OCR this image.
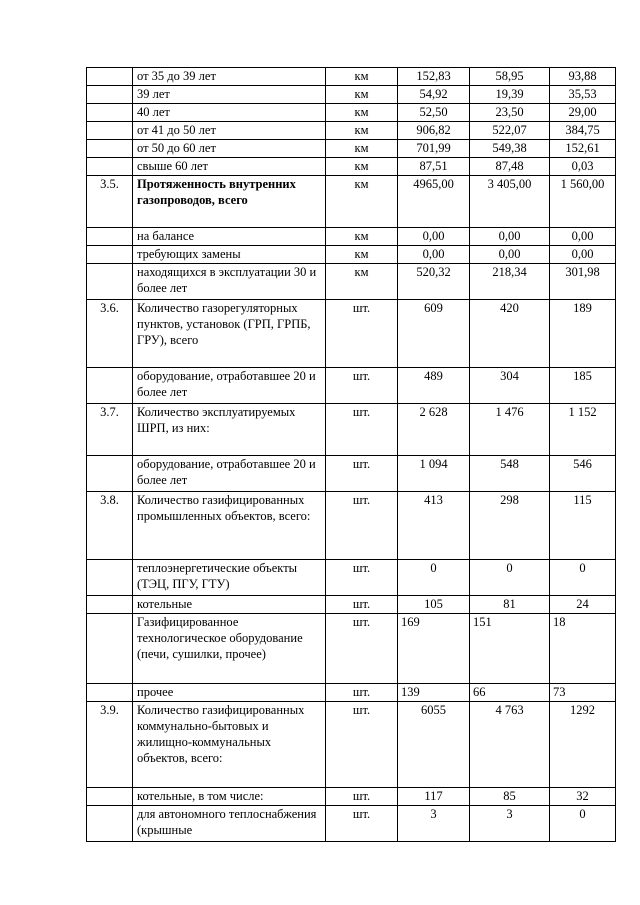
	от 35 до 39 лет	км	152,83	58,95	93,88
	39 лет	км	54,92	19,39	35,53
	40 лет	км	52,50	23,50	29,00
	от 41 до 50 лет	км	906,82	522,07	384,75
	от 50 до 60 лет	км	701,99	549,38	152,61
	свыше 60 лет	км	87,51	87,48	0,03
3.5.	Протяженность внутренних газопроводов, всего	км	4965,00	3 405,00	1 560,00
	на балансе	км	0,00	0,00	0,00
	требующих замены	км	0,00	0,00	0,00
	находящихся в эксплуатации 30 и более лет	км	520,32	218,34	301,98
3.6.	Количество газорегуляторных пунктов, установок (ГРП, ГРПБ, ГРУ), всего	шт.	609	420	189
	оборудование, отработавшее 20 и более лет	шт.	489	304	185
3.7.	Количество эксплуатируемых ШРП, из них:	шт.	2 628	1 476	1 152
	оборудование, отработавшее 20 и более лет	шт.	1 094	548	546
3.8.	Количество газифицированных промышленных объектов, всего:	шт.	413	298	115
	теплоэнергетические объекты (ТЭЦ, ПГУ, ГТУ)	шт.	0	0	0
	котельные	шт.	105	81	24
	Газифицированное технологическое оборудование (печи, сушилки, прочее)	шт.	169	151	18
	прочее	шт.	139	66	73
3.9.	Количество газифицированных коммунально-бытовых и жилищно-коммунальных объектов, всего:	шт.	6055	4 763	1292
	котельные, в том числе:	шт.	117	85	32
	для автономного теплоснабжения (крышные	шт.	3	3	0
